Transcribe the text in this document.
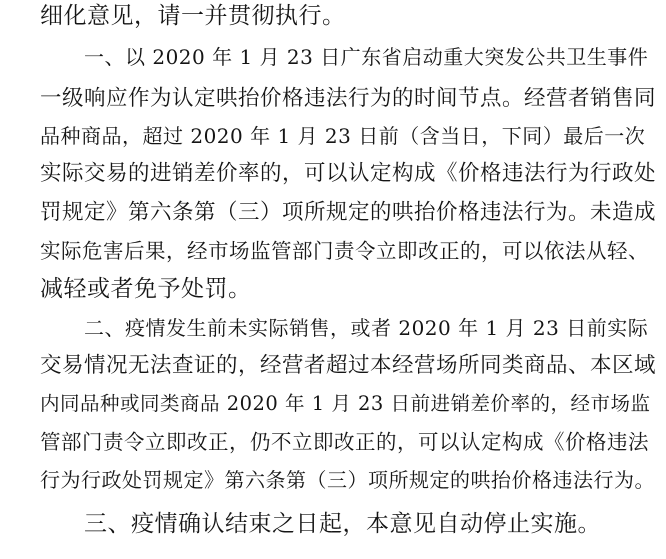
细化意见，请一并贯彻执行。
一、以 2020 年 1 月 23 日广东省启动重大突发公共卫生事件
一级响应作为认定哄抬价格违法行为的时间节点。经营者销售同
品种商品，超过 2020 年 1 月 23 日前（含当日，下同）最后一次
实际交易的进销差价率的，可以认定构成《价格违法行为行政处
罚规定》第六条第（三）项所规定的哄抬价格违法行为。未造成
实际危害后果，经市场监管部门责令立即改正的，可以依法从轻、
减轻或者免予处罚。
二、疫情发生前未实际销售，或者 2020 年 1 月 23 日前实际
交易情况无法查证的，经营者超过本经营场所同类商品、本区域
内同品种或同类商品 2020 年 1 月 23 日前进销差价率的，经市场监
管部门责令立即改正，仍不立即改正的，可以认定构成《价格违法
行为行政处罚规定》第六条第（三）项所规定的哄抬价格违法行为。
三、疫情确认结束之日起，本意见自动停止实施。
